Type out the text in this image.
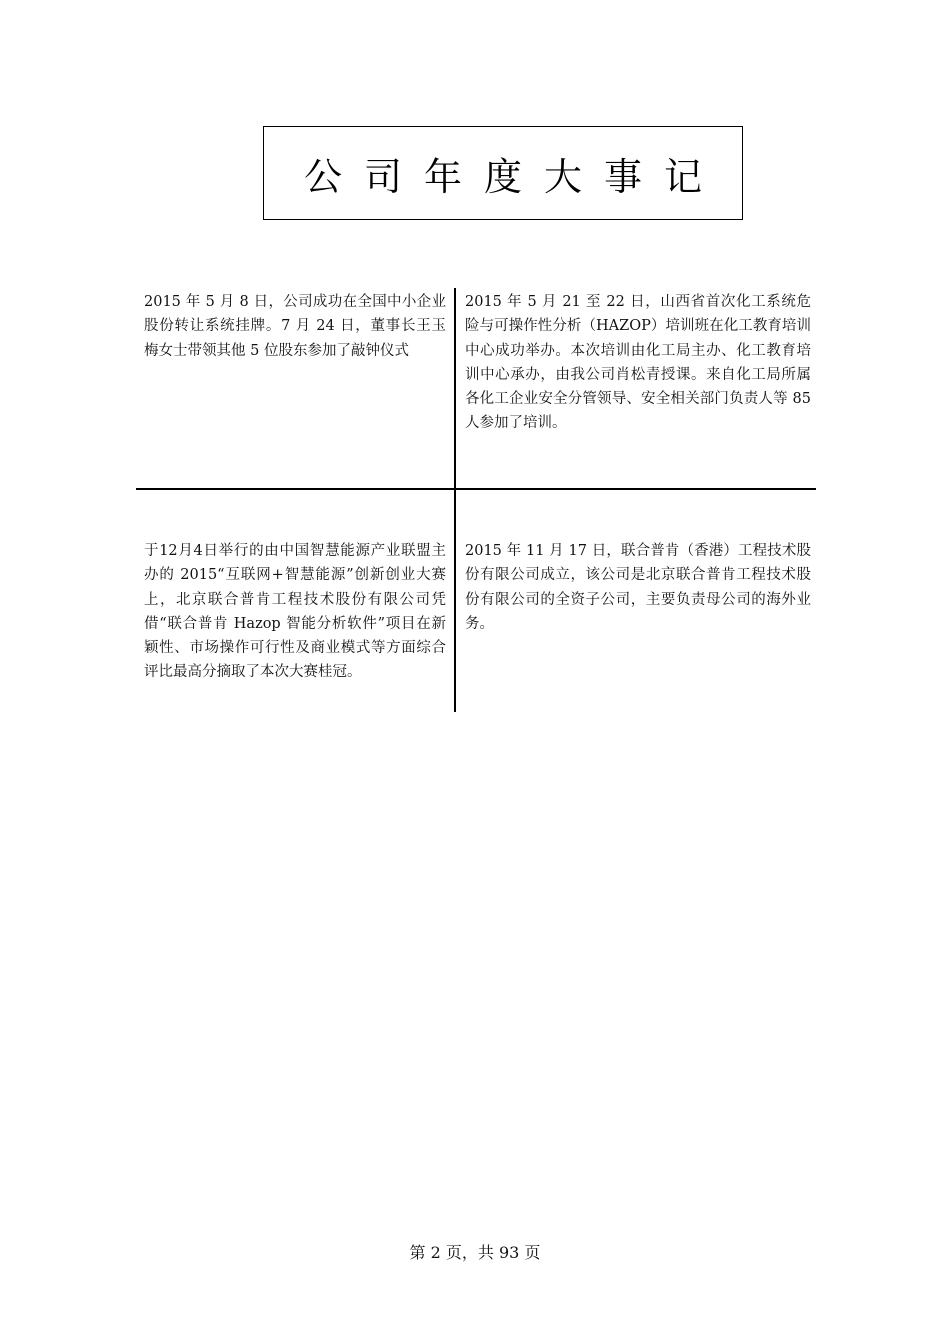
公司年度大事记
2015 年 5 月 8 日，公司成功在全国中小企业股份转让系统挂牌。7 月 24 日，董事长王玉梅女士带领其他 5 位股东参加了敲钟仪式
2015 年 5 月 21 至 22 日，山西省首次化工系统危险与可操作性分析（HAZOP）培训班在化工教育培训中心成功举办。本次培训由化工局主办、化工教育培训中心承办，由我公司肖松青授课。来自化工局所属各化工企业安全分管领导、安全相关部门负责人等 85 人参加了培训。
于12月4日举行的由中国智慧能源产业联盟主办的 2015“互联网+智慧能源”创新创业大赛上，北京联合普肯工程技术股份有限公司凭借“联合普肯 Hazop 智能分析软件”项目在新颖性、市场操作可行性及商业模式等方面综合评比最高分摘取了本次大赛桂冠。
2015 年 11 月 17 日，联合普肯（香港）工程技术股份有限公司成立，该公司是北京联合普肯工程技术股份有限公司的全资子公司，主要负责母公司的海外业务。
第 2 页，共 93 页
